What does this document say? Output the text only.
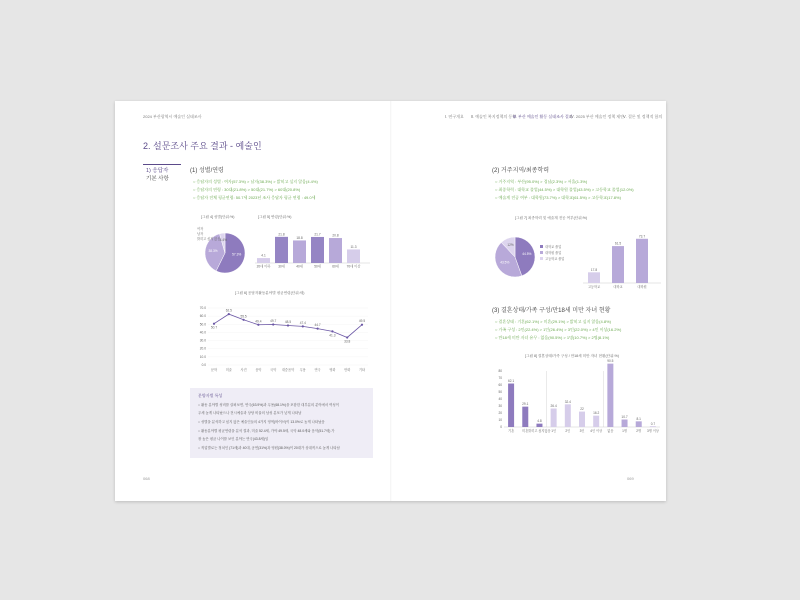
2024 부산광역시 예술인 실태조사	Ⅰ. 연구개요 Ⅱ. 예술인 복지정책의 동향
Ⅲ. 부산 예술인 활동 실태조사 결과
Ⅳ. 2025 부산 예술인 정책 제안
Ⅴ. 결론 및 정책적 함의
2. 설문조사 주요 결과 - 예술인
1) 응답자
기본 사항
(1) 성별/연령
○ 응답자의 성별 : 여자(57.3%) > 남자(38.3%) > 밝히고 싶지 않음(4.4%)
○ 응답자의 연령 : 30대(21.8%) > 50대(21.7%) > 60대(20.8%)
○ 응답자 전체 평균연령: 50.7세 2023년 조사 응답자 평균 연령 : 49.0세
[그림 4] 성별(단위:%)	[그림 5] 연령(단위:%)
57.3%
38.3%
4.4%
여자
남자
밝히고 싶지 않음
4.1
20대 이하
21.8
30대
18.8
40대
21.7
50대
20.8
60대
11.3
70대 이상
[그림 6] 응답자활동분야별 평균연령(단위:세)
0.0
10.0
20.0
30.0
40.0
50.0
60.0
70.0
50.7
문학
62.5
미술
55.5
사진
49.4
음악
49.7
국악
48.5
대중음악
47.4
무용
44.7
연극
41.3
영화
33.8
만화
49.5
기타
분양자별 특성
○ 활동 분야별 성비를 살펴보면, 연극(63.9%)과 무용(68.1%)을 포함한 대부분의 분야에서 여성이
우세 높게 나타났으나 전시예술과 상당 비율의 남성 분포가 낮게 나타남
○ 성별을 분석하고 싶지 않은 예술인들의 4가지 영역(바이브)이 13.0%로 높게 나타났음
○ 활동분야별 평균연령을 분석 결과, 미술 52.4세, 가야 49.5세, 국악 48.0세와 음악(51.7세) 가
장 높은 평균 나이를 보인 분야는 연극(43.8세)임
○ 직업별로는 정치인 (71세)과 40대, 공연(31%)과 영원(38.0%)이 20대가 상대적으로 높게 나타남
068
(2) 거주지역/최종학력
○ 거주지역 : 부산(95.0%) > 경남(2.3%) > 서울(1.3%)
○ 최종학력 : 대학교 졸업(44.5%) > 대학원 졸업(43.5%) > 고등학교 졸업(12.0%)
○ 예술계 전공 여부 : 대학원(73.7%) > 대학교(61.5%) > 고등학교(17.8%)
[그림 7] 최종학력 및 예술계 전공 여부(단위:%)
44.5%
43.5%
12%
대학교 졸업
대학원 졸업
고등학교 졸업
17.8
고등학교
61.5
대학교
73.7
대학원
(3) 결혼상태/가족 구성/만18세 미만 자녀 현황
○ 결혼상태 : 기혼(62.1%) > 미혼(29.1%) > 밝히고 싶지 않음(4.8%)
○ 가족 구성 : 2인(22.4%) > 1인(26.4%) > 3인(22.0%) > 4인 이상(16.2%)
○ 만18세 미만 자녀 유무 : 없음(90.5%) > 1명(10.7%) > 2명(8.1%)
[그림 8] 결혼상태/가족 구성 / 만18세 미만 자녀 현황(단위:%)
0
10
20
30
40
50
60
70
80
62.1
기혼
29.1
미혼
4.8
밝히고 싶지않음
26.4
1인
32.4
2인
22
3인
16.2
4인 이상
90.5
없음
10.7
1명
8.1
2명
0.7
3명 이상
069
